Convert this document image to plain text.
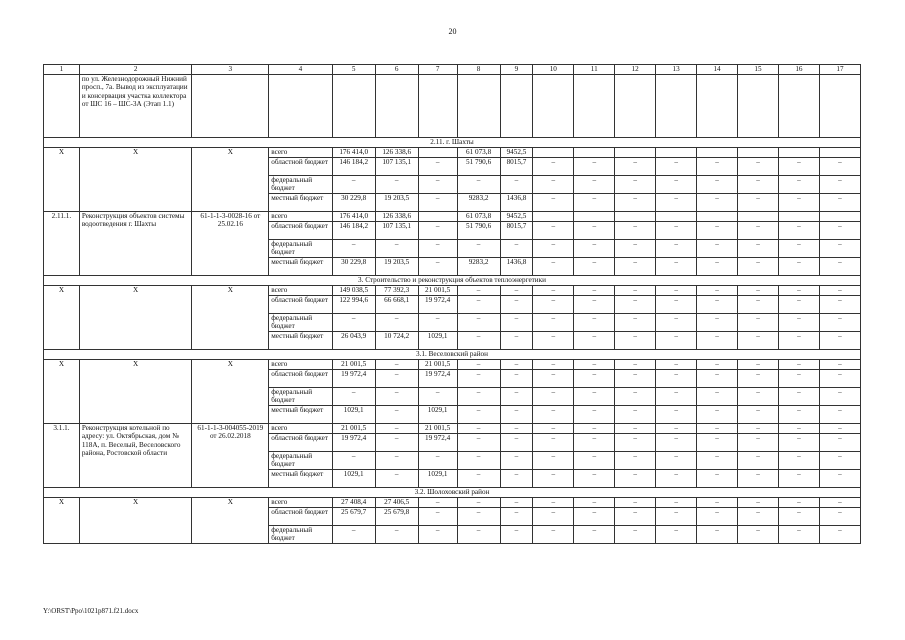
20
1	2	3	4	5	6	7	8	9	10	11	12	13	14	15	16	17
	по ул. Железнодорожный Нижний просп., 7а. Вывод из эксплуатации и консервация участка коллектора от ШС 16 – ШС-3А (Этап 1.1)															
2.11. г. Шахты																
Х	Х	Х	всего	176 414,0	126 338,6		61 073,8	9452,5								
			областной бюджет	146 184,2	107 135,1	–	51 790,6	8015,7	–	–	–	–	–	–	–	–
			федеральный бюджет	–	–	–	–	–	–	–	–	–	–	–	–	–
			местный бюджет	30 229,8	19 203,5	–	9283,2	1436,8	–	–	–	–	–	–	–	–
2.11.1.	Реконструкция объектов системы водоотведения г. Шахты	61-1-1-3-0028-16 от 25.02.16	всего	176 414,0	126 338,6		61 073,8	9452,5								
			областной бюджет	146 184,2	107 135,1	–	51 790,6	8015,7	–	–	–	–	–	–	–	–
			федеральный бюджет	–	–	–	–	–	–	–	–	–	–	–	–	–
			местный бюджет	30 229,8	19 203,5	–	9283,2	1436,8	–	–	–	–	–	–	–	–
3. Строительство и реконструкция объектов теплоэнергетики																
Х	Х	Х	всего	149 038,5	77 392,3	21 001,5	–	–	–	–	–	–	–	–	–	–
			областной бюджет	122 994,6	66 668,1	19 972,4	–	–	–	–	–	–	–	–	–	–
			федеральный бюджет	–	–	–	–	–	–	–	–	–	–	–	–	–
			местный бюджет	26 043,9	10 724,2	1029,1	–	–	–	–	–	–	–	–	–	–
3.1. Веселовский район																
Х	Х	Х	всего	21 001,5	–	21 001,5	–	–	–	–	–	–	–	–	–	–
			областной бюджет	19 972,4	–	19 972,4	–	–	–	–	–	–	–	–	–	–
			федеральный бюджет	–	–	–	–	–	–	–	–	–	–	–	–	–
			местный бюджет	1029,1	–	1029,1	–	–	–	–	–	–	–	–	–	–
3.1.1.	Реконструкция котельной по адресу: ул. Октябрьская, дом № 118А, п. Веселый, Веселовского района, Ростовской области	61-1-1-3-004055-2019 от 26.02.2018	всего	21 001,5	–	21 001,5	–	–	–	–	–	–	–	–	–	–
			областной бюджет	19 972,4	–	19 972,4	–	–	–	–	–	–	–	–	–	–
			федеральный бюджет	–	–	–	–	–	–	–	–	–	–	–	–	–
			местный бюджет	1029,1	–	1029,1	–	–	–	–	–	–	–	–	–	–
3.2. Шолоховский район																
Х	Х	Х	всего	27 408,4	27 406,5	–	–	–	–	–	–	–	–	–	–	–
			областной бюджет	25 679,7	25 679,8	–	–	–	–	–	–	–	–	–	–	–
			федеральный бюджет	–	–	–	–	–	–	–	–	–	–	–	–	–
Y:\ORST\Ppo\1021p871.f21.docx
